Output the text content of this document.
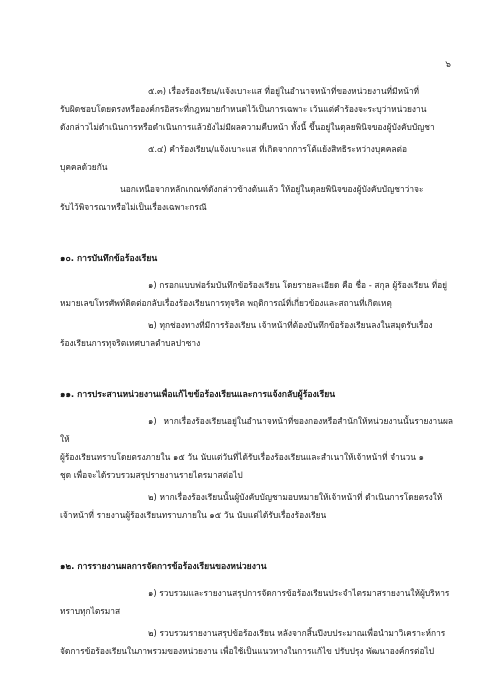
๖

๕.๓) เรื่องร้องเรียน/แจ้งเบาะแส ที่อยู่ในอำนาจหน้าที่ของหน่วยงานที่มีหน้าที่
รับผิดชอบโดยตรงหรือองค์กรอิสระที่กฎหมายกำหนดไว้เป็นการเฉพาะ เว้นแต่คำร้องจะระบุว่าหน่วยงาน
ดังกล่าวไม่ดำเนินการหรือดำเนินการแล้วยังไม่มีผลความคืบหน้า ทั้งนี้ ขึ้นอยู่ในดุลยพินิจของผู้บังคับบัญชา

๕.๔) คำร้องเรียน/แจ้งเบาะแส ที่เกิดจากการโต้แย้งสิทธิระหว่างบุคคลต่อ
บุคคลด้วยกัน

นอกเหนือจากหลักเกณฑ์ดังกล่าวข้างต้นแล้ว ให้อยู่ในดุลยพินิจของผู้บังคับบัญชาว่าจะ
รับไว้พิจารณาหรือไม่เป็นเรื่องเฉพาะกรณี

๑๐. การบันทึกข้อร้องเรียน

๑) กรอกแบบฟอร์มบันทึกข้อร้องเรียน โดยรายละเอียด คือ ชื่อ - สกุล ผู้ร้องเรียน ที่อยู่
หมายเลขโทรศัพท์ติดต่อกลับเรื่องร้องเรียนการทุจริต พฤติการณ์ที่เกี่ยวข้องและสถานที่เกิดเหตุ

๒) ทุกช่องทางที่มีการร้องเรียน เจ้าหน้าที่ต้องบันทึกข้อร้องเรียนลงในสมุดรับเรื่อง
ร้องเรียนการทุจริตเทศบาลตำบลปาซาง

๑๑. การประสานหน่วยงานเพื่อแก้ไขข้อร้องเรียนและการแจ้งกลับผู้ร้องเรียน

๑) หากเรื่องร้องเรียนอยู่ในอำนาจหน้าที่ของกองหรือสำนักให้หน่วยงานนั้นรายงานผลให้
ผู้ร้องเรียนทราบโดยตรงภายใน ๑๕ วัน นับแต่วันที่ได้รับเรื่องร้องเรียนและสำเนาให้เจ้าหน้าที่ จำนวน ๑
ชุด เพื่อจะได้รวบรวมสรุปรายงานรายไตรมาสต่อไป

๒) หากเรื่องร้องเรียนนั้นผู้บังคับบัญชามอบหมายให้เจ้าหน้าที่ ดำเนินการโดยตรงให้
เจ้าหน้าที่ รายงานผู้ร้องเรียนทราบภายใน ๑๕ วัน นับแต่ได้รับเรื่องร้องเรียน

๑๒. การรายงานผลการจัดการข้อร้องเรียนของหน่วยงาน

๑) รวบรวมและรายงานสรุปการจัดการข้อร้องเรียนประจำไตรมาสรายงานให้ผู้บริหาร
ทราบทุกไตรมาส

๒) รวบรวมรายงานสรุปข้อร้องเรียน หลังจากสิ้นปีงบประมาณเพื่อนำมาวิเคราะห์การ
จัดการข้อร้องเรียนในภาพรวมของหน่วยงาน เพื่อใช้เป็นแนวทางในการแก้ไข ปรับปรุง พัฒนาองค์กรต่อไป
